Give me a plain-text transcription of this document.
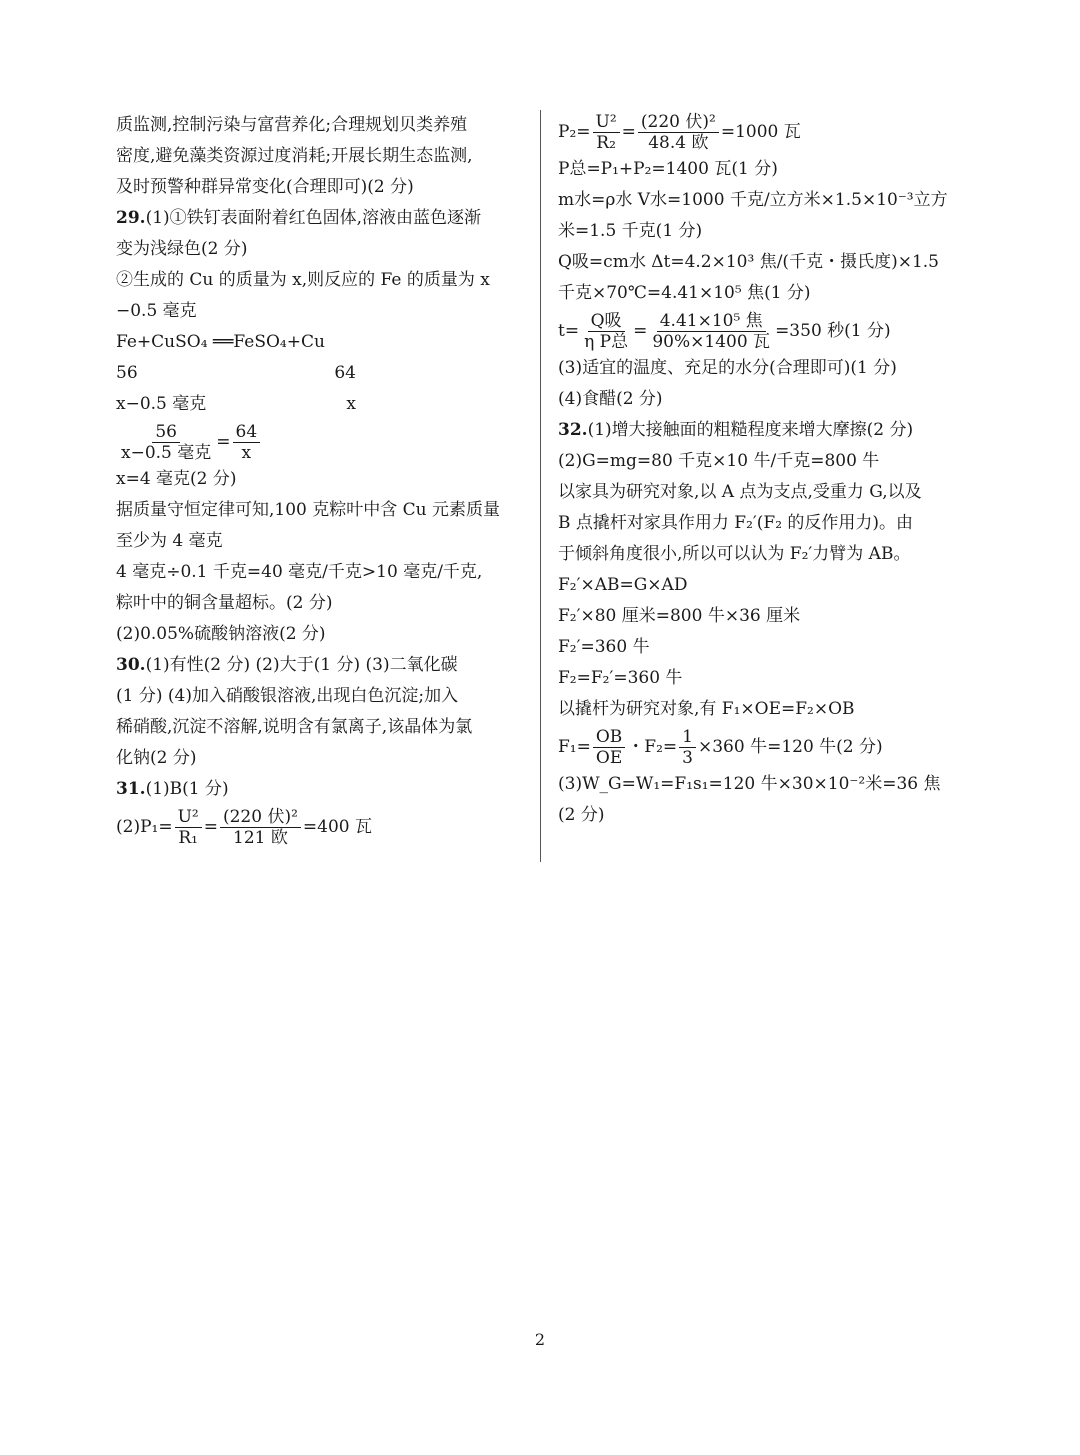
质监测,控制污染与富营养化;合理规划贝类养殖
密度,避免藻类资源过度消耗;开展长期生态监测,
及时预警种群异常变化(合理即可)(2 分)
29.(1)①铁钉表面附着红色固体,溶液由蓝色逐渐
变为浅绿色(2 分)
②生成的 Cu 的质量为 x,则反应的 Fe 的质量为 x
−0.5 毫克
Fe+CuSO₄ ══FeSO₄+Cu
56	64
x−0.5 毫克	x
$\frac{56}{\text{x−0.5 毫克}} = \frac{64}{x}$
x=4 毫克(2 分)
据质量守恒定律可知,100 克粽叶中含 Cu 元素质量
至少为 4 毫克
4 毫克÷0.1 千克=40 毫克/千克>10 毫克/千克,
粽叶中的铜含量超标。(2 分)
(2)0.05%硫酸钠溶液(2 分)
30.(1)有性(2 分) (2)大于(1 分) (3)二氧化碳
(1 分) (4)加入硝酸银溶液,出现白色沉淀;加入
稀硝酸,沉淀不溶解,说明含有氯离子,该晶体为氯
化钠(2 分)
31.(1)B(1 分)
$(2)P_1= \frac{\text{U²}}{\text{R₁}} = \frac{\text{(220 伏)²}}{\text{121 欧}} =400$ 瓦
$P_2= \frac{\text{U²}}{\text{R₂}} = \frac{\text{(220 伏)²}}{\text{48.4 欧}} =1000$ 瓦
P总=P₁+P₂=1400 瓦(1 分)
m水=ρ水 V水=1000 千克/立方米×1.5×10⁻³立方
米=1.5 千克(1 分)
Q吸=cm水 Δt=4.2×10³ 焦/(千克・摄氏度)×1.5
千克×70℃=4.41×10⁵ 焦(1 分)
$t= \frac{\text{Q吸}}{\text{η P总}} = \frac{\text{4.41×10⁵ 焦}}{\text{90\%×1400 瓦}} =350$ 秒(1 分)
(3)适宜的温度、充足的水分(合理即可)(1 分)
(4)食醋(2 分)
32.(1)增大接触面的粗糙程度来增大摩擦(2 分)
(2)G=mg=80 千克×10 牛/千克=800 牛
以家具为研究对象,以 A 点为支点,受重力 G,以及
B 点撬杆对家具作用力 F₂′(F₂ 的反作用力)。由
于倾斜角度很小,所以可以认为 F₂′力臂为 AB。
F₂′×AB=G×AD
F₂′×80 厘米=800 牛×36 厘米
F₂′=360 牛
F₂=F₂′=360 牛
以撬杆为研究对象,有 F₁×OE=F₂×OB
$F_1= \frac{OB}{OE}$ ・$F_2= \frac{1}{3} \times 360$ 牛=120 牛(2 分)
(3)W_G=W₁=F₁s₁=120 牛×30×10⁻²米=36 焦
(2 分)
2
